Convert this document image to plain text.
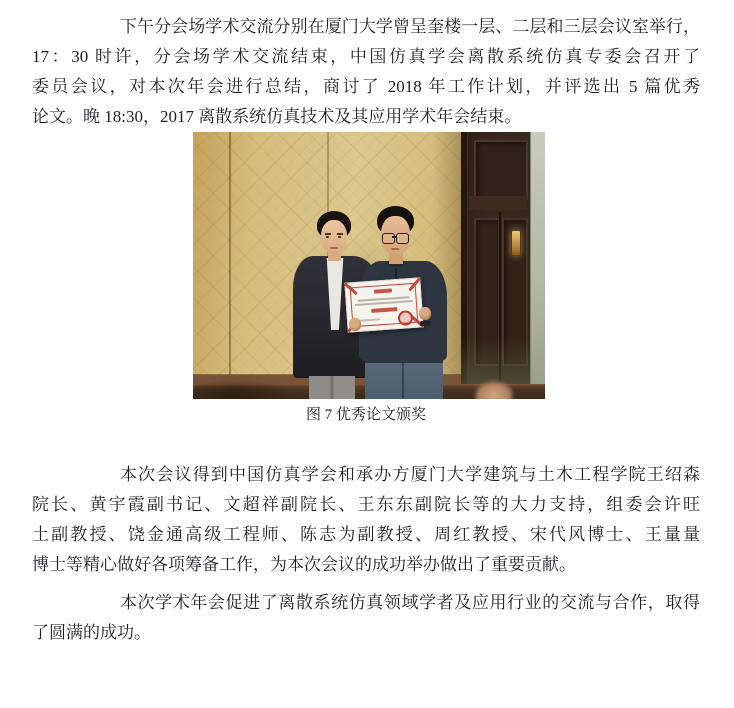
下午分会场学术交流分别在厦门大学曾呈奎楼一层、二层和三层会议室举行，
17：30 时许，分会场学术交流结束，中国仿真学会离散系统仿真专委会召开了
委员会议，对本次年会进行总结，商讨了 2018 年工作计划，并评选出 5 篇优秀
论文。晚 18:30，2017 离散系统仿真技术及其应用学术年会结束。
图 7 优秀论文颁奖
本次会议得到中国仿真学会和承办方厦门大学建筑与土木工程学院王绍森
院长、黄宇霞副书记、文超祥副院长、王东东副院长等的大力支持，组委会许旺
土副教授、饶金通高级工程师、陈志为副教授、周红教授、宋代风博士、王量量
博士等精心做好各项筹备工作，为本次会议的成功举办做出了重要贡献。
本次学术年会促进了离散系统仿真领域学者及应用行业的交流与合作，取得
了圆满的成功。
